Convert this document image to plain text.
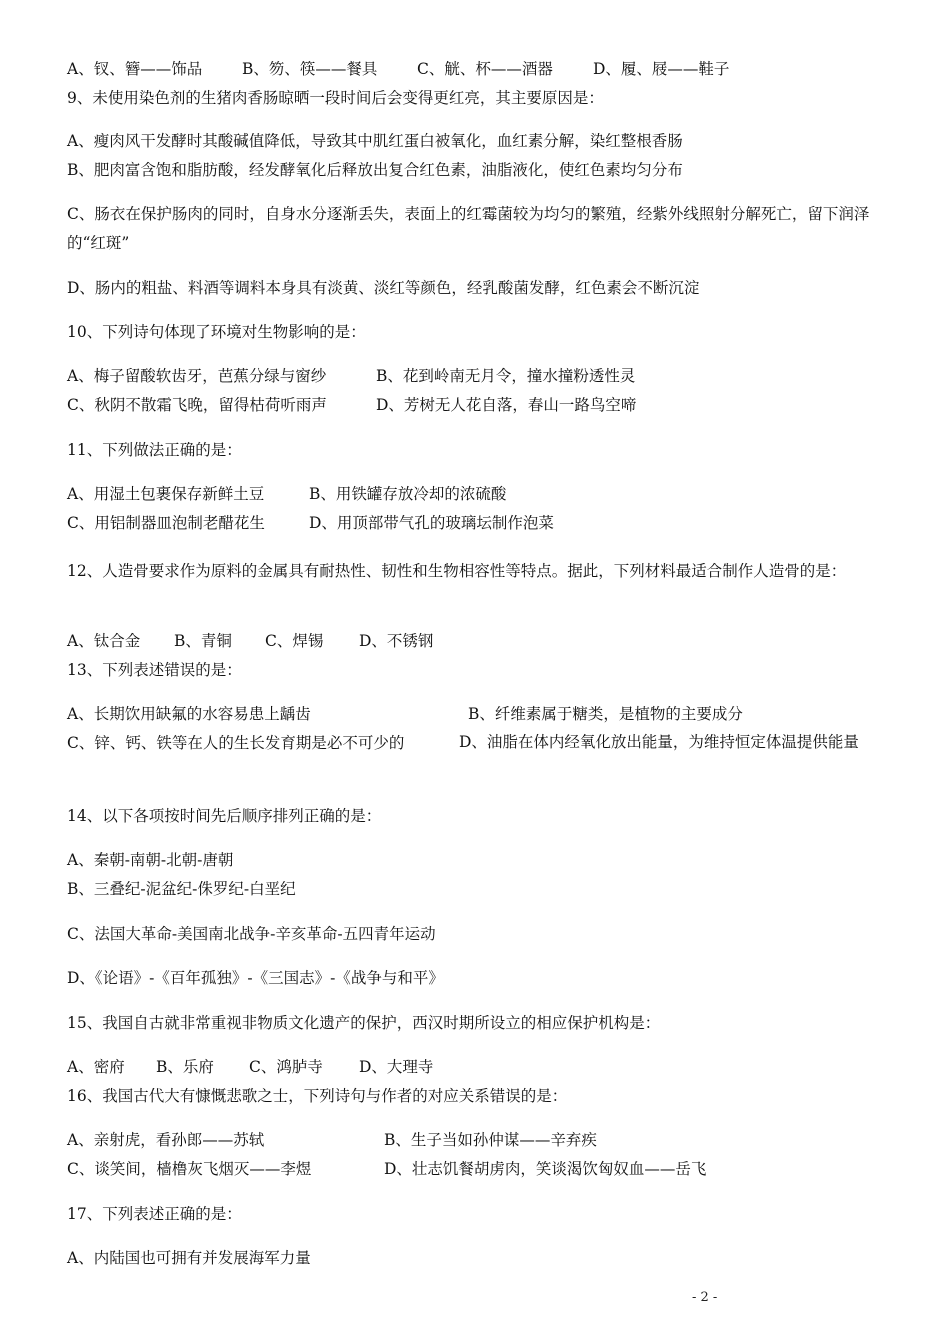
A、钗、簪——饰品	B、笏、筷——餐具	C、觥、杯——酒器	D、履、屐——鞋子
9、未使用染色剂的生猪肉香肠晾晒一段时间后会变得更红亮，其主要原因是：
A、瘦肉风干发酵时其酸碱值降低，导致其中肌红蛋白被氧化，血红素分解，染红整根香肠
B、肥肉富含饱和脂肪酸，经发酵氧化后释放出复合红色素，油脂液化，使红色素均匀分布
C、肠衣在保护肠肉的同时，自身水分逐渐丢失，表面上的红霉菌较为均匀的繁殖，经紫外线照射分解死亡，留下润泽的“红斑”
D、肠内的粗盐、料酒等调料本身具有淡黄、淡红等颜色，经乳酸菌发酵，红色素会不断沉淀
10、下列诗句体现了环境对生物影响的是：
A、梅子留酸软齿牙，芭蕉分绿与窗纱	B、花到岭南无月令，撞水撞粉透性灵
C、秋阴不散霜飞晚，留得枯荷听雨声	D、芳树无人花自落，春山一路鸟空啼
11、下列做法正确的是：
A、用湿土包裹保存新鲜土豆	B、用铁罐存放冷却的浓硫酸
C、用铝制器皿泡制老醋花生	D、用顶部带气孔的玻璃坛制作泡菜
12、人造骨要求作为原料的金属具有耐热性、韧性和生物相容性等特点。据此，下列材料最适合制作人造骨的是：
A、钛合金 B、青铜 C、焊锡 D、不锈钢
13、下列表述错误的是：
A、长期饮用缺氟的水容易患上龋齿	B、纤维素属于糖类，是植物的主要成分
C、锌、钙、铁等在人的生长发育期是必不可少的	D、油脂在体内经氧化放出能量，为维持恒定体温提供能量
14、以下各项按时间先后顺序排列正确的是：
A、秦朝-南朝-北朝-唐朝
B、三叠纪-泥盆纪-侏罗纪-白垩纪
C、法国大革命-美国南北战争-辛亥革命-五四青年运动
D、《论语》-《百年孤独》-《三国志》-《战争与和平》
15、我国自古就非常重视非物质文化遗产的保护，西汉时期所设立的相应保护机构是：
A、密府 B、乐府 C、鸿胪寺 D、大理寺
16、我国古代大有慷慨悲歌之士，下列诗句与作者的对应关系错误的是：
A、亲射虎，看孙郎——苏轼	B、生子当如孙仲谋——辛弃疾
C、谈笑间，樯橹灰飞烟灭——李煜	D、壮志饥餐胡虏肉，笑谈渴饮匈奴血——岳飞
17、下列表述正确的是：
A、内陆国也可拥有并发展海军力量
- 2 -
